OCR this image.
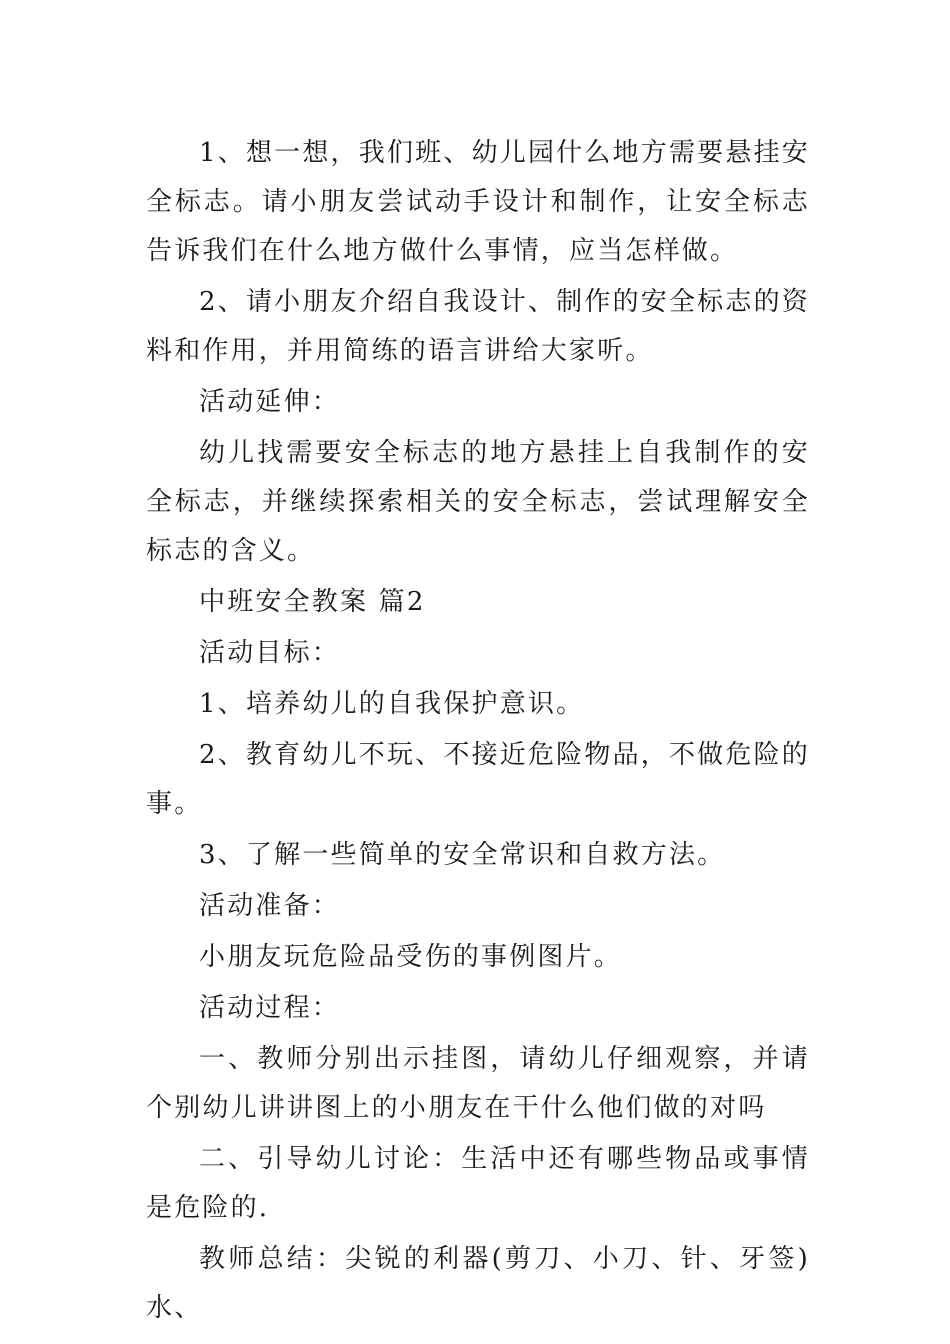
1、想一想，我们班、幼儿园什么地方需要悬挂安全标志。请小朋友尝试动手设计和制作，让安全标志告诉我们在什么地方做什么事情，应当怎样做。

2、请小朋友介绍自我设计、制作的安全标志的资料和作用，并用简练的语言讲给大家听。

活动延伸：

幼儿找需要安全标志的地方悬挂上自我制作的安全标志，并继续探索相关的安全标志，尝试理解安全标志的含义。

中班安全教案 篇2

活动目标：

1、培养幼儿的自我保护意识。

2、教育幼儿不玩、不接近危险物品，不做危险的事。

3、了解一些简单的安全常识和自救方法。

活动准备：

小朋友玩危险品受伤的事例图片。

活动过程：

一、教师分别出示挂图，请幼儿仔细观察，并请个别幼儿讲讲图上的小朋友在干什么他们做的对吗

二、引导幼儿讨论：生活中还有哪些物品或事情是危险的.

教师总结：尖锐的利器(剪刀、小刀、针、牙签)水、
